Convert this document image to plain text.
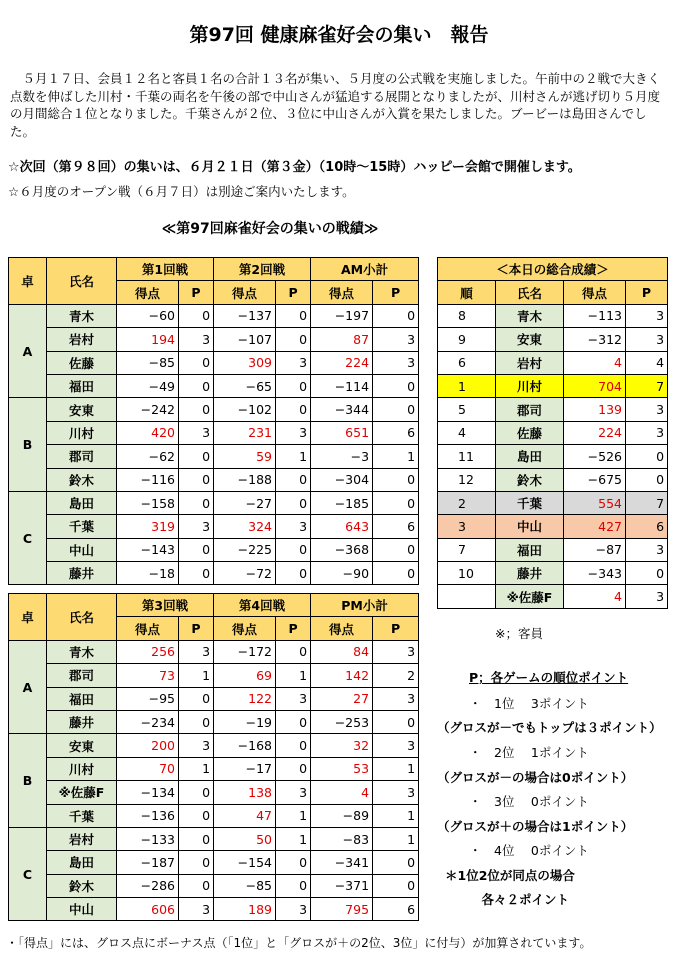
第97回 健康麻雀好会の集い　報告
　５月１７日、会員１２名と客員１名の合計１３名が集い、５月度の公式戦を実施しました。午前中の２戦で大きく点数を伸ばした川村・千葉の両名を午後の部で中山さんが猛追する展開となりましたが、川村さんが逃げ切り５月度の月間総合１位となりました。千葉さんが２位、３位に中山さんが入賞を果たしました。ブービーは島田さんでした。
☆次回（第９８回）の集いは、６月２１日（第３金）（10時～15時）ハッピー会館で開催します。
☆６月度のオープン戦（６月７日）は別途ご案内いたします。
≪第97回麻雀好会の集いの戦績≫
卓	氏名	第1回戦		第2回戦		AM小計	
		得点	P	得点	P	得点	P
A	青木	−60	0	−137	0	−197	0
	岩村	194	3	−107	0	87	3
	佐藤	−85	0	309	3	224	3
	福田	−49	0	−65	0	−114	0
B	安東	−242	0	−102	0	−344	0
	川村	420	3	231	3	651	6
	郡司	−62	0	59	1	−3	1
	鈴木	−116	0	−188	0	−304	0
C	島田	−158	0	−27	0	−185	0
	千葉	319	3	324	3	643	6
	中山	−143	0	−225	0	−368	0
	藤井	−18	0	−72	0	−90	0
卓	氏名	第3回戦		第4回戦		PM小計	
		得点	P	得点	P	得点	P
A	青木	256	3	−172	0	84	3
	郡司	73	1	69	1	142	2
	福田	−95	0	122	3	27	3
	藤井	−234	0	−19	0	−253	0
B	安東	200	3	−168	0	32	3
	川村	70	1	−17	0	53	1
	※佐藤F	−134	0	138	3	4	3
	千葉	−136	0	47	1	−89	1
C	岩村	−133	0	50	1	−83	1
	島田	−187	0	−154	0	−341	0
	鈴木	−286	0	−85	0	−371	0
	中山	606	3	189	3	795	6
＜本日の総合成績＞			
順	氏名	得点	P
8	青木	−113	3
9	安東	−312	3
6	岩村	4	4
1	川村	704	7
5	郡司	139	3
4	佐藤	224	3
11	島田	−526	0
12	鈴木	−675	0
2	千葉	554	7
3	中山	427	6
7	福田	−87	3
10	藤井	−343	0
	※佐藤F	4	3
※；客員
P；各ゲームの順位ポイント
・　1位　 3ポイント
（グロスが－でもトップは３ポイント）
・　2位　 1ポイント
（グロスが－の場合は0ポイント）
・　3位　 0ポイント
（グロスが＋の場合は1ポイント）
・　4位　 0ポイント
＊1位2位が同点の場合
　各々２ポイント
・「得点」には、グロス点にボーナス点（「1位」と「グロスが＋の2位、3位」に付与）が加算されています。
